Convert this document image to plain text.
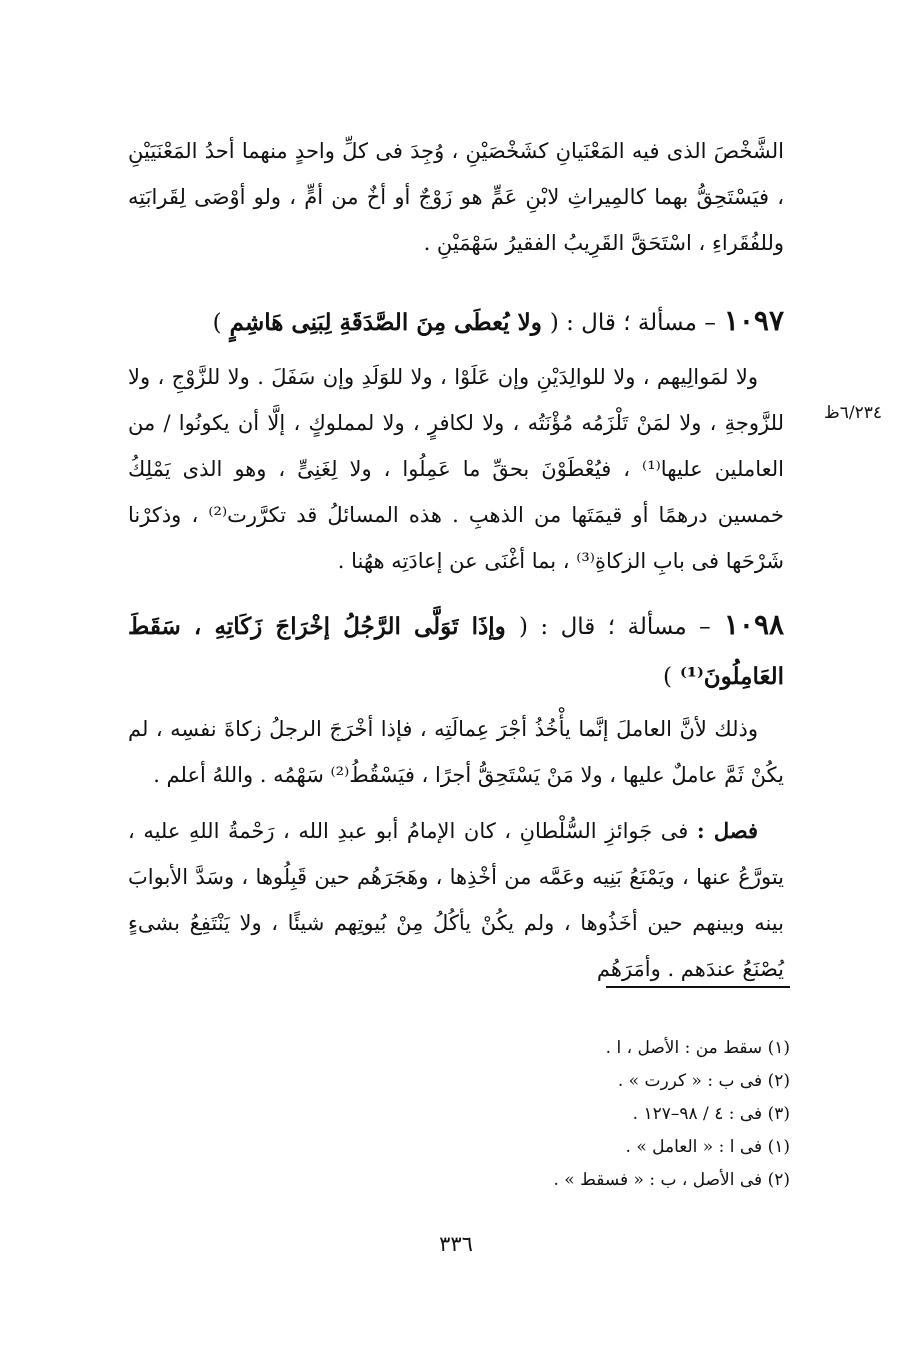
الشَّخْصَ الذى فيه المَعْنَيانِ كشَخْصَيْنِ ، وُجِدَ فى كلِّ واحدٍ منهما أحدُ المَعْنَيَيْنِ ، فيَسْتَحِقُّ بهما كالمِيراثِ لابْنِ عَمٍّ هو زَوْجٌ أو أخٌ من أمٍّ ، ولو أوْصَى لِقَرابَتِه وللفُقَراءِ ، اسْتَحَقَّ القَرِيبُ الفقيرُ سَهْمَيْنِ .

١٠٩٧ – مسألة ؛ قال : ( ولا يُعطَى مِنَ الصَّدَقَةِ لِبَنِى هَاشِمٍ )

ولا لمَوالِيهم ، ولا للوالِدَيْنِ وإن عَلَوْا ، ولا للوَلَدِ وإن سَفَلَ . ولا للزَّوْجِ ، ولا للزَّوجةِ ، ولا لمَنْ تَلْزَمُه مُؤْنَتُه ، ولا لكافرٍ ، ولا لمملوكٍ ، إلَّا أن يكونُوا / من العاملين عليها⁽¹⁾ ، فيُعْطَوْنَ بحقِّ ما عَمِلُوا ، ولا لِغَنِىٍّ ، وهو الذى يَمْلِكُ خمسين درهمًا أو قيمَتَها من الذهبِ . هذه المسائلُ قد تكرَّرت⁽²⁾ ، وذكرْنا شَرْحَها فى بابِ الزكاةِ⁽³⁾ ، بما أغْنَى عن إعادَتِه ههُنا .

٦/٢٣٤ظ
١٠٩٨ – مسألة ؛ قال : ( وإذَا تَوَلَّى الرَّجُلُ إخْرَاجَ زَكَاتِهِ ، سَقَطَ العَامِلُونَ⁽¹⁾ )

وذلك لأنَّ العاملَ إنَّما يأْخُذُ أجْرَ عِمالَتِه ، فإذا أخْرَجَ الرجلُ زكاةَ نفسِه ، لم يكُنْ ثَمَّ عاملٌ عليها ، ولا مَنْ يَسْتَحِقُّ أجرًا ، فيَسْقُطُ⁽²⁾ سَهْمُه . واللهُ أعلم .

فصل : فى جَوائزِ السُّلْطانِ ، كان الإمامُ أبو عبدِ الله ، رَحْمةُ اللهِ عليه ، يتورَّعُ عنها ، ويَمْنَعُ بَنِيه وعَمَّه من أخْذِها ، وهَجَرَهُم حين قَبِلُوها ، وسَدَّ الأبوابَ بينه وبينهم حين أخَذُوها ، ولم يكُنْ يأكُلُ مِنْ بُيوتِهم شيئًا ، ولا يَنْتَفِعُ بشىءٍ يُصْنَعُ عندَهم . وأمَرَهُم

(١) سقط من : الأصل ، ا .
(٢) فى ب : « كررت » .
(٣) فى : ٤ / ٩٨–١٢٧ .
(١) فى ا : « العامل » .
(٢) فى الأصل ، ب : « فسقط » .
٣٣٦
